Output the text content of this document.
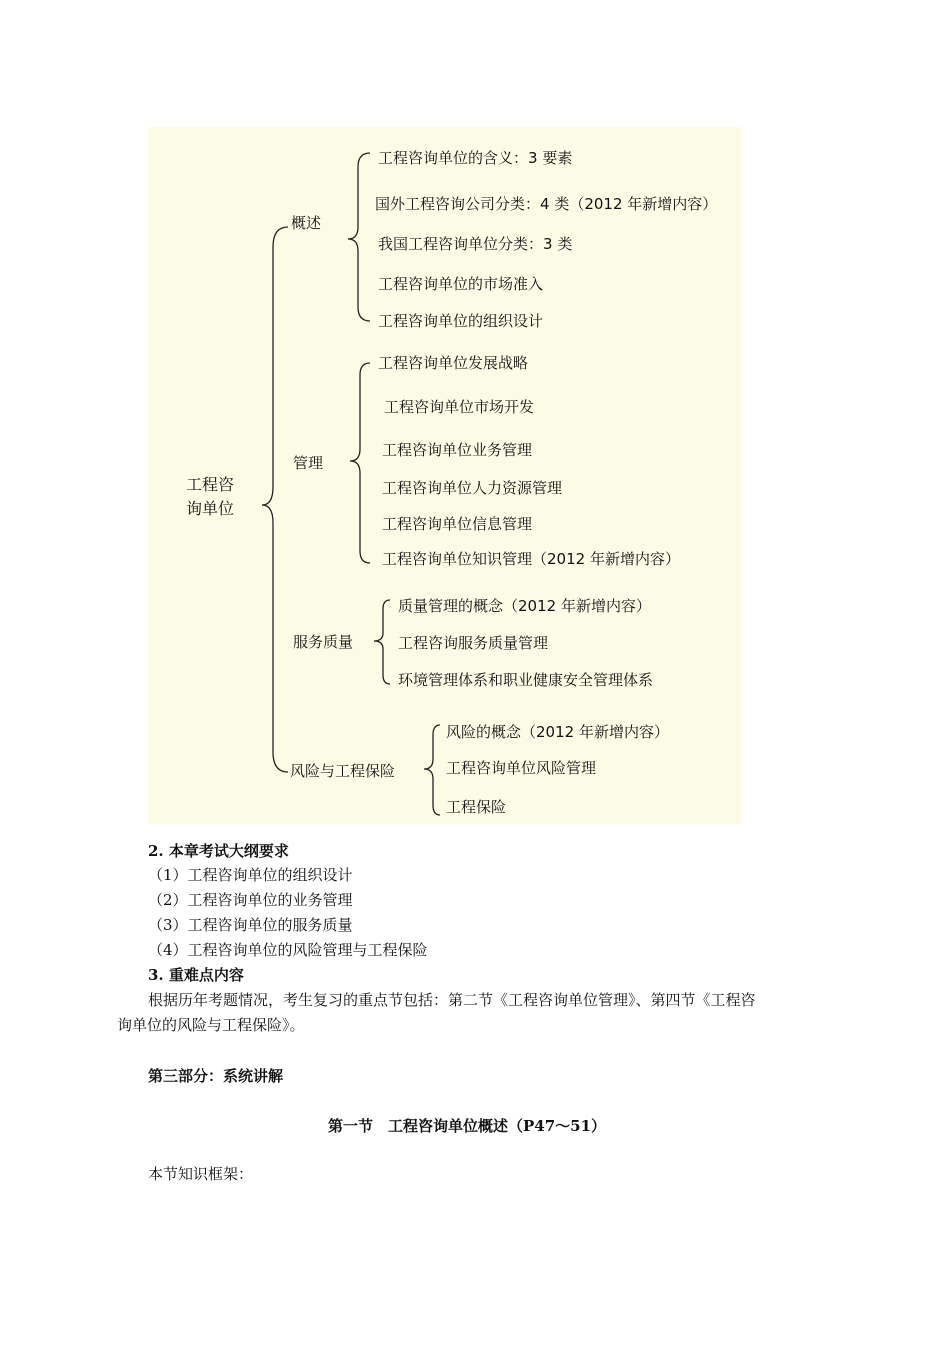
工程咨询单位
概述
管理
服务质量
风险与工程保险
工程咨询单位的含义：3 要素
国外工程咨询公司分类：4 类（2012 年新增内容）
我国工程咨询单位分类：3 类
工程咨询单位的市场准入
工程咨询单位的组织设计
工程咨询单位发展战略
工程咨询单位市场开发
工程咨询单位业务管理
工程咨询单位人力资源管理
工程咨询单位信息管理
工程咨询单位知识管理（2012 年新增内容）
质量管理的概念（2012 年新增内容）
工程咨询服务质量管理
环境管理体系和职业健康安全管理体系
风险的概念（2012 年新增内容）
工程咨询单位风险管理
工程保险
2. 本章考试大纲要求
（1）工程咨询单位的组织设计
（2）工程咨询单位的业务管理
（3）工程咨询单位的服务质量
（4）工程咨询单位的风险管理与工程保险
3. 重难点内容
根据历年考题情况，考生复习的重点节包括：第二节《工程咨询单位管理》、第四节《工程咨
询单位的风险与工程保险》。
第三部分：系统讲解
第一节　工程咨询单位概述（P47～51）
本节知识框架：
